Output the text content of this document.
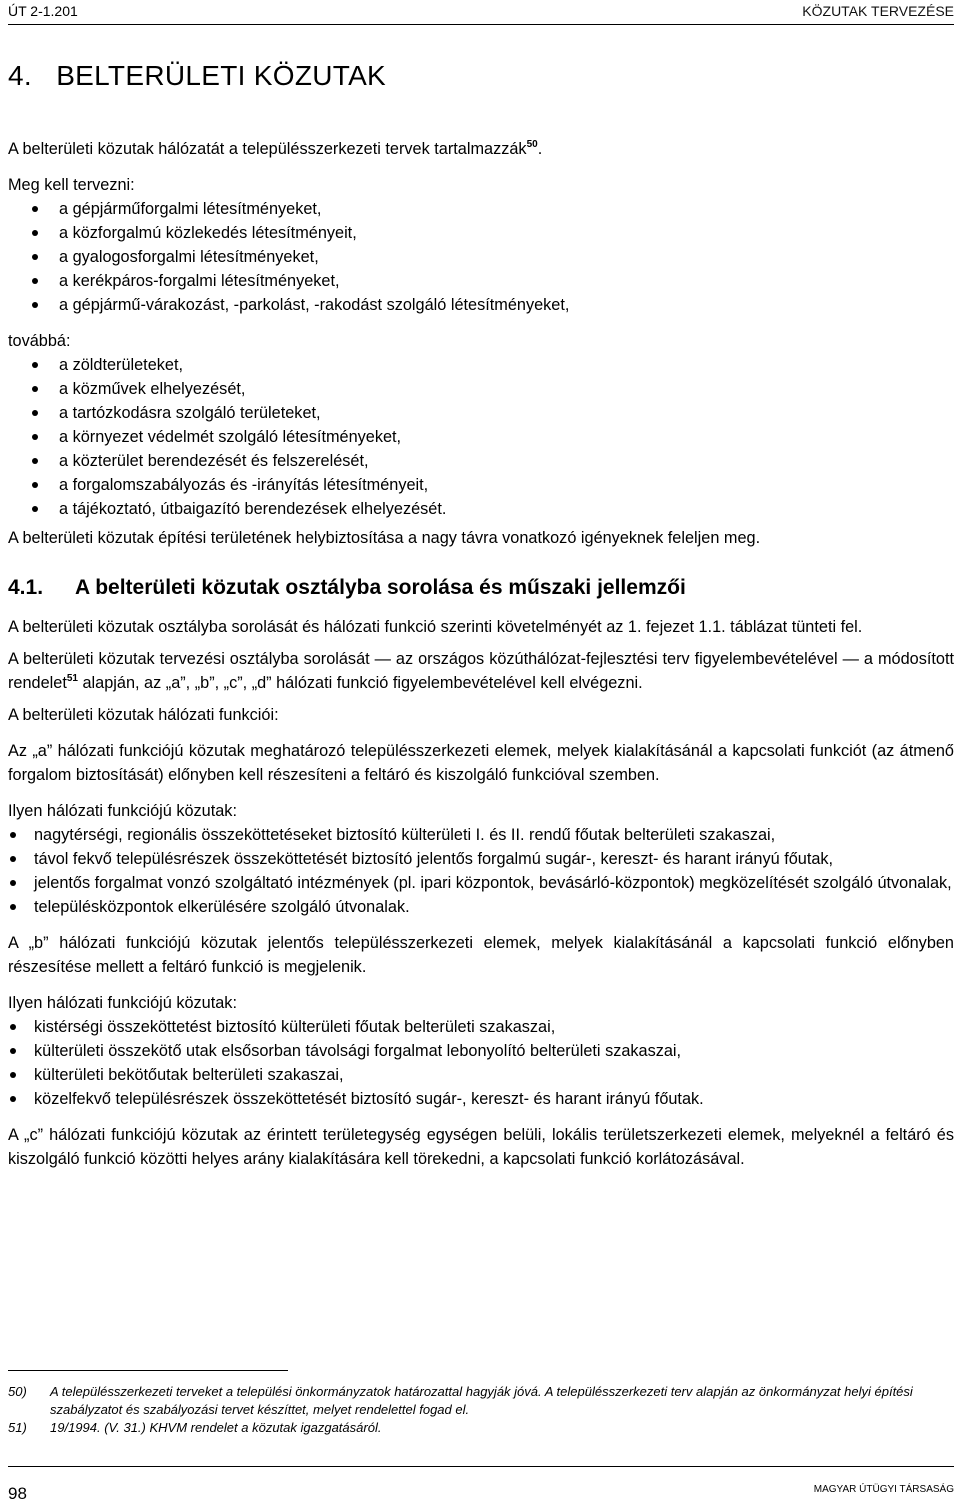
ÚT 2-1.201	KÖZUTAK TERVEZÉSE
4.   BELTERÜLETI KÖZUTAK

A belterületi közutak hálózatát a településszerkezeti tervek tartalmazzák$^{50}$.

Meg kell tervezni:

a gépjárműforgalmi létesítményeket,
a közforgalmú közlekedés létesítményeit,
a gyalogosforgalmi létesítményeket,
a kerékpáros-forgalmi létesítményeket,
a gépjármű-várakozást, -parkolást, -rakodást szolgáló létesítményeket,

továbbá:

a zöldterületeket,
a közművek elhelyezését,
a tartózkodásra szolgáló területeket,
a környezet védelmét szolgáló létesítményeket,
a közterület berendezését és felszerelését,
a forgalomszabályozás és -irányítás létesítményeit,
a tájékoztató, útbaigazító berendezések elhelyezését.

A belterületi közutak építési területének helybiztosítása a nagy távra vonatkozó igényeknek feleljen meg.

4.1. A belterületi közutak osztályba sorolása és műszaki jellemzői

A belterületi közutak osztályba sorolását és hálózati funkció szerinti követelményét az 1. fejezet 1.1. táblázat tünteti fel.

A belterületi közutak tervezési osztályba sorolását — az országos közúthálózat-fejlesztési terv figyelembevételével — a módosított rendelet$^{51}$ alapján, az „a”, „b”, „c”, „d” hálózati funkció figyelembevételével kell elvégezni.

A belterületi közutak hálózati funkciói:

Az „a” hálózati funkciójú közutak meghatározó településszerkezeti elemek, melyek kialakításánál a kapcsolati funkciót (az átmenő forgalom biztosítását) előnyben kell részesíteni a feltáró és kiszolgáló funkcióval szemben.

Ilyen hálózati funkciójú közutak:

nagytérségi, regionális összeköttetéseket biztosító külterületi I. és II. rendű főutak belterületi szakaszai,
távol fekvő településrészek összeköttetését biztosító jelentős forgalmú sugár-, kereszt- és harant irányú főutak,
jelentős forgalmat vonzó szolgáltató intézmények (pl. ipari központok, bevásárló-központok) megközelítését szolgáló útvonalak,
településközpontok elkerülésére szolgáló útvonalak.

A „b” hálózati funkciójú közutak jelentős településszerkezeti elemek, melyek kialakításánál a kapcsolati funkció előnyben részesítése mellett a feltáró funkció is megjelenik.

Ilyen hálózati funkciójú közutak:

kistérségi összeköttetést biztosító külterületi főutak belterületi szakaszai,
külterületi összekötő utak elsősorban távolsági forgalmat lebonyolító belterületi szakaszai,
külterületi bekötőutak belterületi szakaszai,
közelfekvő településrészek összeköttetését biztosító sugár-, kereszt- és harant irányú főutak.

A „c” hálózati funkciójú közutak az érintett területegység egységen belüli, lokális területszerkezeti elemek, melyeknél a feltáró és kiszolgáló funkció közötti helyes arány kialakítására kell törekedni, a kapcsolati funkció korlátozásával.

50) A településszerkezeti terveket a települési önkormányzatok határozattal hagyják jóvá. A településszerkezeti terv alapján az önkormányzat helyi építési szabályzatot és szabályozási tervet készíttet, melyet rendelettel fogad el.
51) 19/1994. (V. 31.) KHVM rendelet a közutak igazgatásáról.
98	MAGYAR ÚTÜGYI TÁRSASÁG
